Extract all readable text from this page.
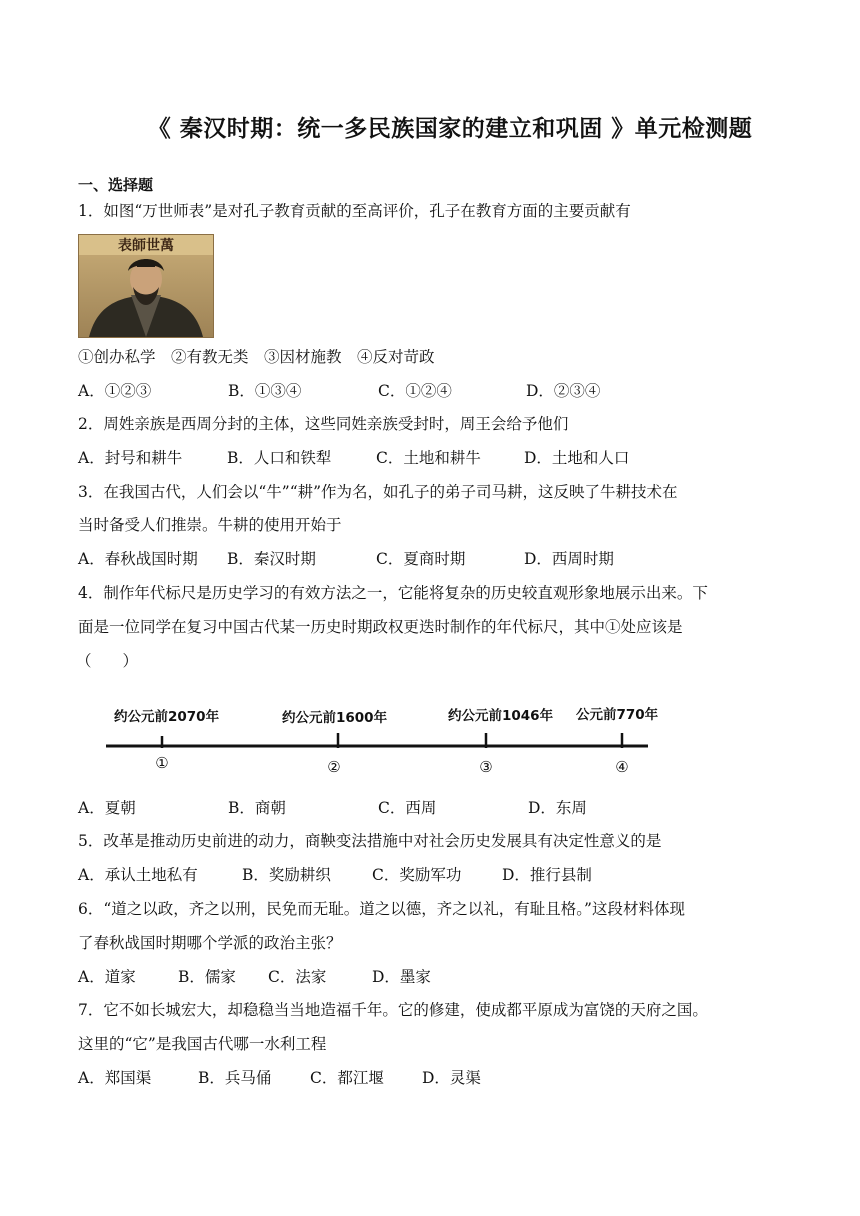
《 秦汉时期：统一多民族国家的建立和巩固 》单元检测题
一、选择题
1．如图“万世师表”是对孔子教育贡献的至高评价，孔子在教育方面的主要贡献有
表師世萬
①创办私学　②有教无类　③因材施教　④反对苛政
A．①②③	B．①③④	C．①②④	D．②③④
2．周姓亲族是西周分封的主体，这些同姓亲族受封时，周王会给予他们
A．封号和耕牛	B．人口和铁犁	C．土地和耕牛	D．土地和人口
3．在我国古代，人们会以“牛”“耕”作为名，如孔子的弟子司马耕，这反映了牛耕技术在
当时备受人们推崇。牛耕的使用开始于
A．春秋战国时期 B．秦汉时期	C．夏商时期	D．西周时期
4．制作年代标尺是历史学习的有效方法之一，它能将复杂的历史较直观形象地展示出来。下
面是一位同学在复习中国古代某一历史时期政权更迭时制作的年代标尺，其中①处应该是
（　　）
约公元前2070年	约公元前1600年	约公元前1046年 公元前770年
①	②	③	④
A．夏朝	B．商朝	C．西周	D．东周
5．改革是推动历史前进的动力，商鞅变法措施中对社会历史发展具有决定性意义的是
A．承认土地私有	B．奖励耕织	C．奖励军功	D．推行县制
6．“道之以政，齐之以刑，民免而无耻。道之以德，齐之以礼，有耻且格。”这段材料体现
了春秋战国时期哪个学派的政治主张？
A．道家	B．儒家 C．法家	D．墨家
7．它不如长城宏大，却稳稳当当地造福千年。它的修建，使成都平原成为富饶的天府之国。
这里的“它”是我国古代哪一水利工程
A．郑国渠	B．兵马俑 C．都江堰 D．灵渠
